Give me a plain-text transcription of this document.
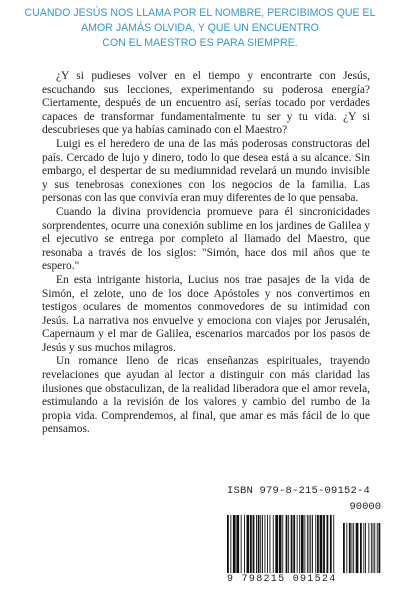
CUANDO JESÚS NOS LLAMA POR EL NOMBRE, PERCIBIMOS QUE EL
AMOR JAMÁS OLVIDA, Y QUE UN ENCUENTRO
CON EL MAESTRO ES PARA SIEMPRE.

¿Y si pudieses volver en el tiempo y encontrarte con Jesús, escuchando sus lecciones, experimentando su poderosa energía? Ciertamente, después de un encuentro así, serías tocado por verdades capaces de transformar fundamentalmente tu ser y tu vida. ¿Y si descubrieses que ya habías caminado con el Maestro?

Luigi es el heredero de una de las más poderosas constructoras del país. Cercado de lujo y dinero, todo lo que desea está a su alcance. Sin embargo, el despertar de su mediumnidad revelará un mundo invisible y sus tenebrosas conexiones con los negocios de la familia. Las personas con las que convivía eran muy diferentes de lo que pensaba.

Cuando la divina providencia promueve para él sincronicidades sorprendentes, ocurre una conexión sublime en los jardines de Galilea y el ejecutivo se entrega por completo al llamado del Maestro, que resonaba a través de los siglos: "Simón, hace dos mil años que te espero."

En esta intrigante historia, Lucius nos trae pasajes de la vida de Simón, el zelote, uno de los doce Apóstoles y nos convertimos en testigos oculares de momentos conmovedores de su intimidad con Jesús. La narrativa nos envuelve y emociona con viajes por Jerusalén, Capernaum y el mar de Galilea, escenarios marcados por los pasos de Jesús y sus muchos milagros.

Un romance lleno de ricas enseñanzas espirituales, trayendo revelaciones que ayudan al lector a distinguir con más claridad las ilusiones que obstaculizan, de la realidad liberadora que el amor revela, estimulando a la revisión de los valores y cambio del rumbo de la propia vida. Comprendemos, al final, que amar es más fácil de lo que pensamos.

ISBN 979-8-215-09152-4
90000
9 798215 091524
